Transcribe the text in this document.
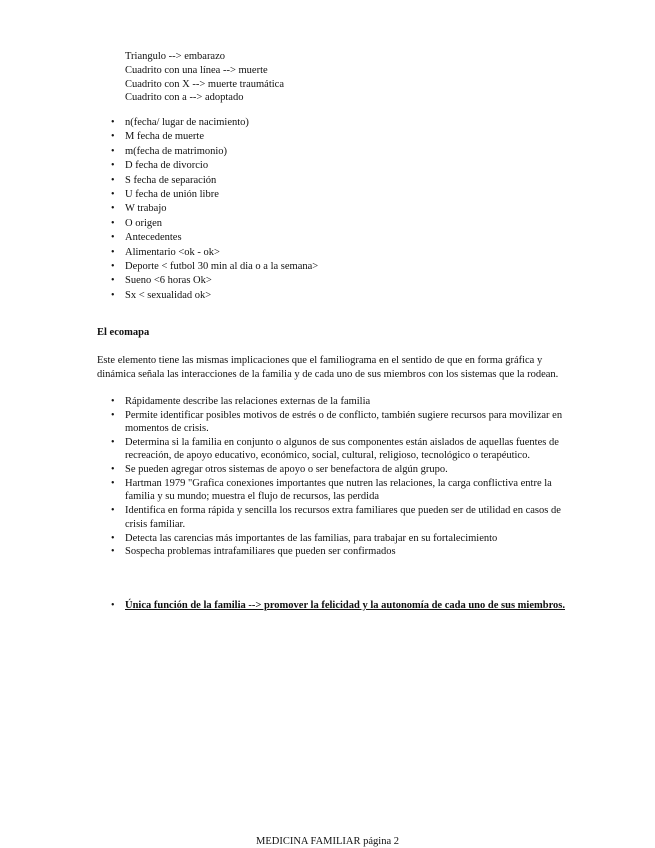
Triangulo --> embarazo
Cuadrito con una línea --> muerte
Cuadrito con X --> muerte traumática
Cuadrito con a --> adoptado
• n(fecha/ lugar de nacimiento)
• M fecha de muerte
• m(fecha de matrimonio)
• D fecha de divorcio
• S fecha de separación
• U fecha de unión libre
• W trabajo
• O origen
• Antecedentes
• Alimentario <ok - ok>
• Deporte < futbol 30 min al dia o a la semana>
• Sueno <6 horas Ok>
• Sx < sexualidad ok>
El ecomapa
Este elemento tiene las mismas implicaciones que el familiograma en el sentido de que en forma gráfica y dinámica señala las interacciones de la familia y de cada uno de sus miembros con los sistemas que la rodean.
• Rápidamente describe las relaciones externas de la familia
• Permite identificar posibles motivos de estrés o de conflicto, también sugiere recursos para movilizar en momentos de crisis.
• Determina si la familia en conjunto o algunos de sus componentes están aislados de aquellas fuentes de recreación, de apoyo educativo, económico, social, cultural, religioso, tecnológico o terapéutico.
• Se pueden agregar otros sistemas de apoyo o ser benefactora de algún grupo.
• Hartman 1979 "Grafica conexiones importantes que nutren las relaciones, la carga conflictiva entre la familia y su mundo; muestra el flujo de recursos, las perdida
• Identifica en forma rápida y sencilla los recursos extra familiares que pueden ser de utilidad en casos de crisis familiar.
• Detecta las carencias más importantes de las familias, para trabajar en su fortalecimiento
• Sospecha problemas intrafamiliares que pueden ser confirmados
• Única función de la familia --> promover la felicidad y la autonomía de cada uno de sus miembros.
MEDICINA FAMILIAR página 2
